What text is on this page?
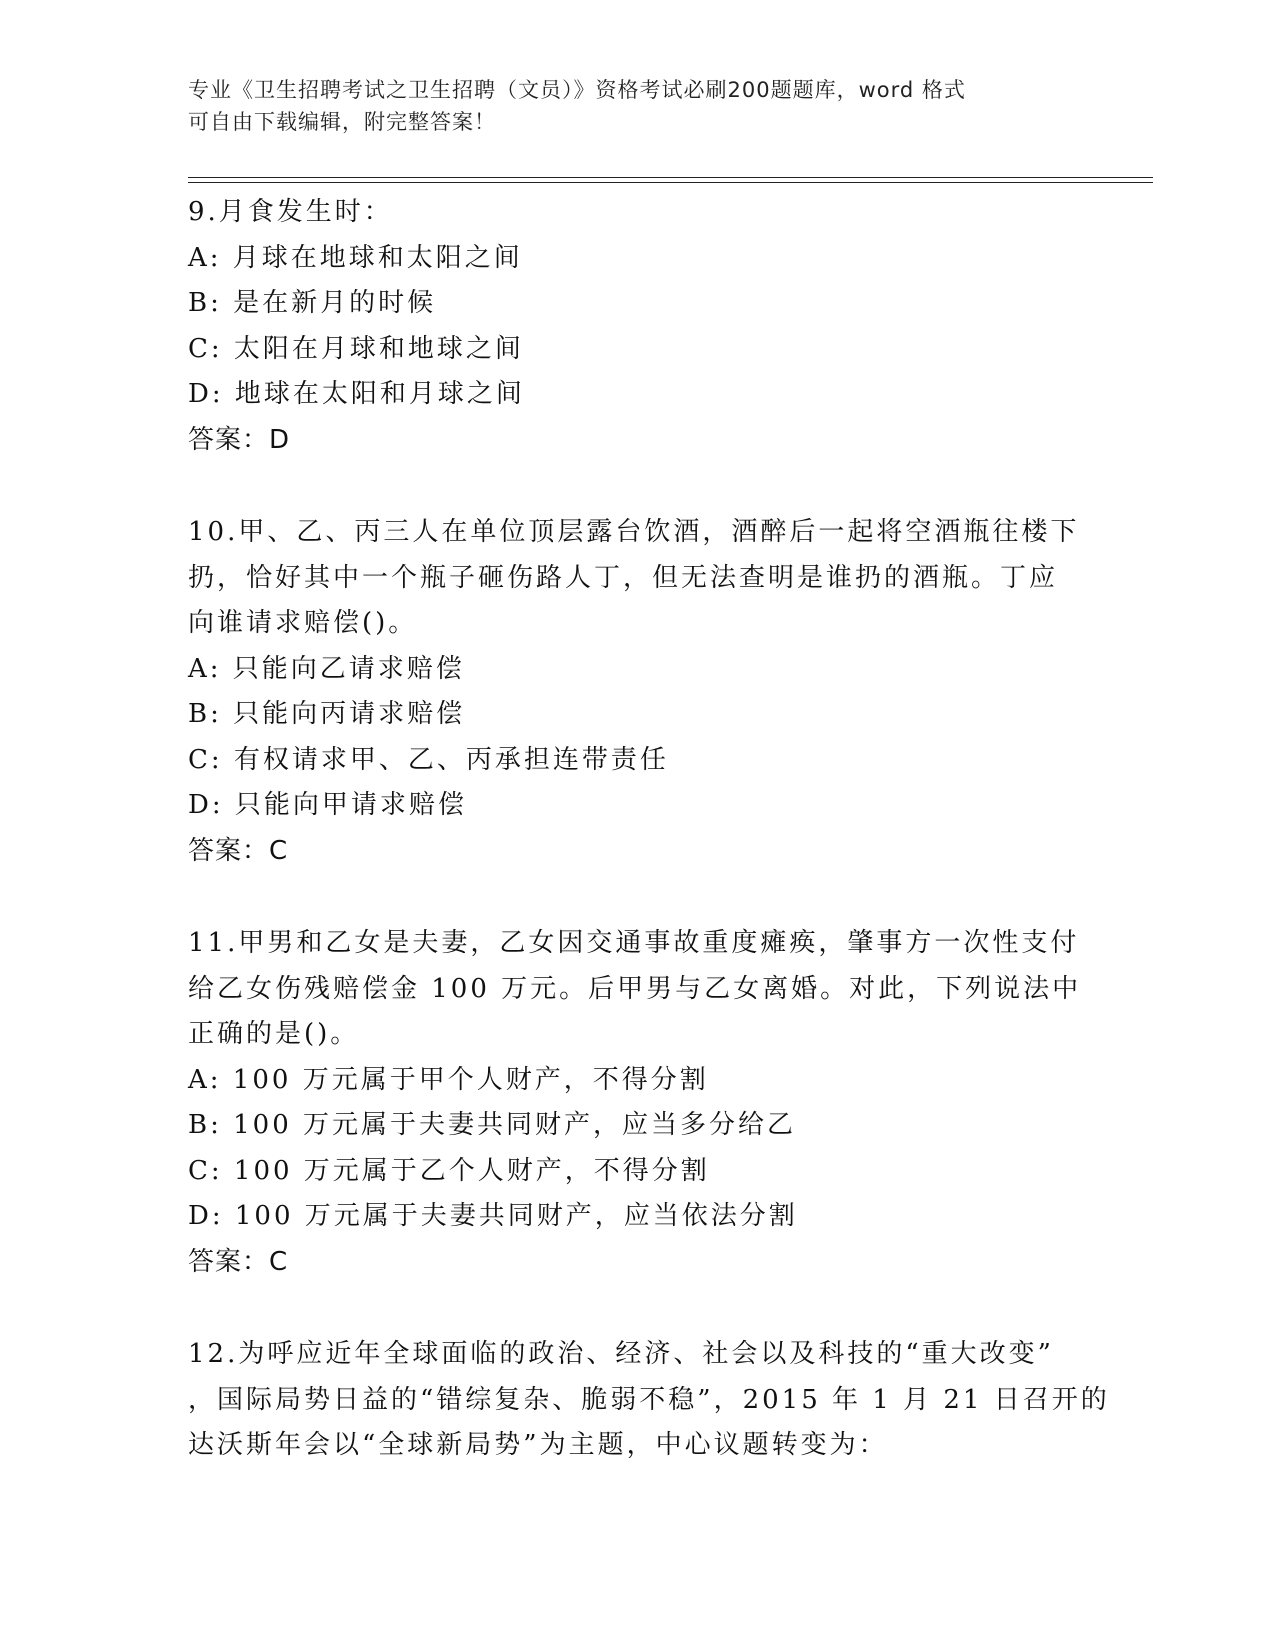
专业《卫生招聘考试之卫生招聘（文员）》资格考试必刷200题题库，word 格式
可自由下载编辑，附完整答案！
9.月食发生时：
A: 月球在地球和太阳之间
B: 是在新月的时候
C: 太阳在月球和地球之间
D: 地球在太阳和月球之间
答案：D
10.甲、乙、丙三人在单位顶层露台饮酒，酒醉后一起将空酒瓶往楼下
扔，恰好其中一个瓶子砸伤路人丁，但无法查明是谁扔的酒瓶。丁应
向谁请求赔偿()。
A: 只能向乙请求赔偿
B: 只能向丙请求赔偿
C: 有权请求甲、乙、丙承担连带责任
D: 只能向甲请求赔偿
答案：C
11.甲男和乙女是夫妻，乙女因交通事故重度瘫痪，肇事方一次性支付
给乙女伤残赔偿金 100 万元。后甲男与乙女离婚。对此，下列说法中
正确的是()。
A: 100 万元属于甲个人财产，不得分割
B: 100 万元属于夫妻共同财产，应当多分给乙
C: 100 万元属于乙个人财产，不得分割
D: 100 万元属于夫妻共同财产，应当依法分割
答案：C
12.为呼应近年全球面临的政治、经济、社会以及科技的“重大改变”
，国际局势日益的“错综复杂、脆弱不稳”，2015 年 1 月 21 日召开的
达沃斯年会以“全球新局势”为主题，中心议题转变为：
